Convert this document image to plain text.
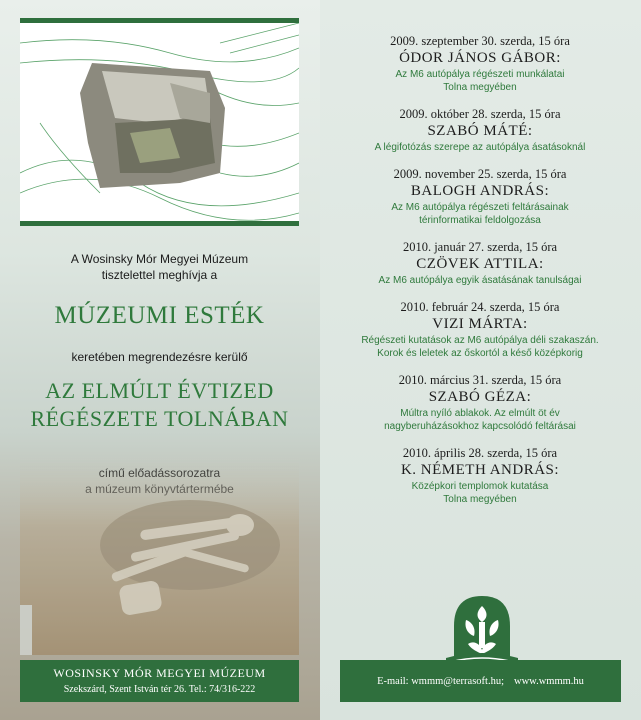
A Wosinsky Mór Megyei Múzeum
tisztelettel meghívja a
MÚZEUMI ESTÉK
keretében megrendezésre kerülő
AZ ELMÚLT ÉVTIZED
RÉGÉSZETE TOLNÁBAN
WOSINSKY MÓR MEGYEI MÚZEUM
Szekszárd, Szent István tér 26. Tel.: 74/316-222
2009. szeptember 30. szerda, 15 óra
ÓDOR JÁNOS GÁBOR:
Az M6 autópálya régészeti munkálatai
Tolna megyében
2009. október 28. szerda, 15 óra
SZABÓ MÁTÉ:
A légifotózás szerepe az autópálya ásatásoknál
2009. november 25. szerda, 15 óra
BALOGH ANDRÁS:
Az M6 autópálya régészeti feltárásainak
térinformatikai feldolgozása
2010. január 27. szerda, 15 óra
CZÖVEK ATTILA:
Az M6 autópálya egyik ásatásának tanulságai
2010. február 24. szerda, 15 óra
VIZI MÁRTA:
Régészeti kutatások az M6 autópálya déli szakaszán.
Korok és leletek az őskortól a késő középkorig
2010. március 31. szerda, 15 óra
SZABÓ GÉZA:
Múltra nyíló ablakok. Az elmúlt öt év
nagyberuházásokhoz kapcsolódó feltárásai
2010. április 28. szerda, 15 óra
K. NÉMETH ANDRÁS:
Középkori templomok kutatása
Tolna megyében
E-mail: wmmm@terrasoft.hu; www.wmmm.hu
